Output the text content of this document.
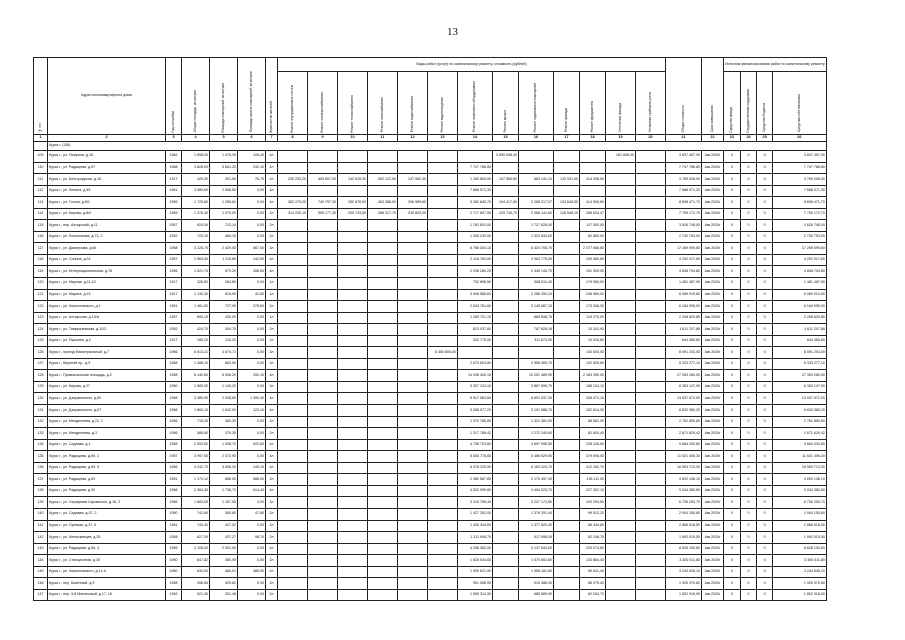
13
№ п/п	Адрес многоквартирного дома	Год постройки	Общая площадь, кв.метров	Площадь помещений, кв.метров	Площадь жилых помещений, кв.метров	Количество жителей	Виды работ (услуг) по капитальному ремонту, стоимость (рублей)													Общая стоимость	Срок завершения	Источник финансирования работ по капитальному ремонту			
							Ремонт внутридомовых систем	Ремонт электроснабжения	Ремонт теплоснабжения	Ремонт газоснабжения	Ремонт водоснабжения	Ремонт водоотведения	Ремонт лифтового оборудования	Ремонт крыши	Ремонт подвальных помещений	Ремонт фасада	Ремонт фундамента	Утепление фасада	Установка приборов учета			Средства фонда	Государственная поддержка	Средства бюджета	Средства собственников
1	2	3	4	5	6	7	8	9	10	11	12	13	14	15	16	17	18	19	20	21	22	23	24	25	26
	Курск г. (136)																								
109	Курск г., ул. Гагарина, д.18	1962	1 898,00	1 475,35	128,40	4л								3 890 948,40				161 808,00		3 837 457,90	4кв.2020г	0	0	0	3 837 457,90
110	Курск г., ул. Радищева, д.57	1968	3 828,00	3 641,20	232,10	4л							7 747 786,80							7 747 786,80	4кв.2020г	0	0	0	7 747 786,80
111	Курск г., ул. Белгородская, д.18	1917	429,30	301,50	76,70	2л	230 253,20	409 607,00	142 515,30	962 122,50	137 962,30		1 160 805,00	107 560,60	883 141,10	132 931,50	414 308,50			3 769 008,00	4кв.2020г	0	0	0	3 769 008,00
112	Курск г., ул. Ленина, д.45	1961	3 589,60	2 508,50	0,00	4л							7 688 571,30							7 688 571,30	4кв.2020г	0	0	0	7 688 571,30
113	Курск г., ул. Гоголя, д.6/1	1959	1 725,60	1 259,81	0,00	4л	382 279,20	740 797,30	250 678,50	453 388,00	296 989,60		3 382 845,70	104 417,60	2 268 217,07	134 648,50	414 509,60			8 698 471,70	4кв.2020г	0	0	0	8 698 471,70
114	Курск г., ул. Кирова, д.8/4	1959	1 378,30	1 079,00	0,00	2л	314 230,10	595 177,30	209 743,50	388 317,70	239 803,00		2 717 807,50	129 745,70	2 068 141,60	128 548,10	288 634,47			7 759 172,70	4кв.2020г	0	0	0	7 759 172,70
115	Курск г., пер. Ахтырский, д.11	1957	924,50	712,14	0,00	2л							1 781 820,00		1 727 628,00		117 300,00			3 626 748,00	4кв.2020г	0	0	0	3 626 748,00
116	Курск г., ул. Ломоносова, д.73, 2	1952	723,10	484,15	0,00	2л							1 345 249,00		1 322 644,00		62 860,00			2 730 753,00	4кв.2020г	0	0	0	2 730 753,00
117	Курск г., ул. Димитрова, д.66	1958	3 226,70	2 429,00	667,00	3л							6 768 304,10		8 424 708,70		2 077 086,60			17 269 099,60	4кв.2020г	0	0	0	17 269 099,60
118	Курск г., ул. Сонина, д.24	1957	1 563,40	1 115,80	142,00	4л							2 118 762,00		2 063 775,00		109 480,60			4 292 017,60	4кв.2020г	0	0	0	4 292 017,60
119	Курск г., ул. Интернациональная, д.76	1956	1 021,70	573,20	286,60	4л							2 208 260,20		2 449 143,70		191 300,90			4 848 704,80	4кв.2020г	0	0	0	4 848 704,80
120	Курск г., ул. Мирная, д.11,15	1917	326,50	264,80	0,00	1л							752 896,50		568 511,40		179 060,00			1 481 487,90	4кв.2020г	0	0	0	1 481 487,90
121	Курск г., ул. Марата, д.15	1917	1 130,30	815,90	42,80	1л							3 008 585,60		2 286 250,20		246 980,00			6 069 019,80	4кв.2020г	0	0	0	6 069 019,80
122	Курск г., ул. Черняховского, д.1	1951	1 461,50	727,90	378,60	2л							2 843 761,60		3 145 887,10		175 346,30			6 184 995,00	4кв.2020г	0	0	0	6 184 995,00
123	Курск г., ул. Ахтырская, д.15/А	1957	693,15	430,00	0,00	1л							1 289 721,10		889 838,75		119 270,00			2 298 829,85	4кв.2020г	0	0	0	2 298 829,85
124	Курск г., ул. Тимирязевская, д.11/3	1952	424,70	304,70	0,00	2л							813 037,80		787 828,18		10 341,90			1 611 207,88	4кв.2020г	0	0	0	1 611 207,88
125	Курск г., ул. Пушкина, д.2	1917	185,20	115,20	0,00	1л							322 775,00		311 674,00		10 016,60			644 465,60	4кв.2020г	0	0	0	644 465,60
126	Курск г., проезд Магистральный, д.7	1966	6 613,21	3 674,71	0,00	3л						8 450 600,00					140 603,00			8 591 203,00	4кв.2020г	0	0	0	8 591 203,00
127	Курск г., Верхний пр., д.9	1958	1 388,10	863,50	0,00	3л							2 673 603,80		2 556 069,70		102 505,60			5 333 277,10	4кв.2020г	0	0	0	5 333 277,10
128	Курск г., Привокзальная площадь, д.2	1958	6 140,60	6 536,20	250,10	4л							14 938 400,10		10 251 489,90		2 163 390,00			27 353 280,00	4кв.2020г	0	0	0	27 353 280,00
129	Курск г., ул. Кирова, д.27	1950	1 583,90	1 140,20	0,00	3л							3 307 124,10		2 867 899,70		188 124,10			6 363 147,90	4кв.2020г	0	0	0	6 363 147,90
130	Курск г., ул. Дзержинского, д.60	1958	3 380,90	2 038,60	1 390,40	4л							6 517 563,60		6 691 537,30		328 471,10			13 537 572,00	4кв.2020г	0	0	0	13 537 572,00
131	Курск г., ул. Дзержинского, д.67	1958	1 860,10	1 642,00	123,10	4л							3 288 577,20		3 191 588,70		152 814,30			6 632 980,20	4кв.2020г	0	0	0	6 632 980,20
132	Курск г., ул. Менделеева, д.22, 2	1956	718,30	383,30	0,00	2л							1 370 786,80		1 322 381,90		68 681,90			2 761 850,60	4кв.2020г	0	0	0	2 761 850,60
133	Курск г., ул. Менделеева, д.3	1956	586,80	379,30	0,00	2л							1 317 788,42		1 272 240,60		81 600,40			2 671 629,42	4кв.2020г	0	0	0	2 671 629,42
134	Курск г., ул. Садовая, д.1	1958	2 053,50	1 438,70	522,60	4л							4 738 703,80		4 697 598,50		228 128,50			9 664 430,80	4кв.2020г	0	0	0	9 664 430,80
135	Курск г., ул. Радищева, д.69, 2	1957	3 997,00	2 072,90	0,00	4л							5 653 778,80		5 488 529,50		379 098,00			11 521 406,30	4кв.2020г	0	0	0	11 521 406,30
136	Курск г., ул. Радищева, д.69, 5	1956	4 242,70	3 056,20	149,10	4л							8 378 225,90		8 163 324,70		412 162,70			16 953 713,30	4кв.2020г	0	0	0	16 953 713,30
137	Курск г., ул. Радищева, д.63	1951	1 174,12	866,00	586,00	2л							2 380 567,80		2 175 457,30		136 111,00			4 692 136,10	4кв.2020г	0	0	0	4 692 136,10
138	Курск г., ул. Радищева, д.39	1958	2 364,30	1 738,70	614,40	4л							4 522 999,80		4 494 023,70		227 357,10			9 244 380,60	4кв.2020г	0	0	0	9 244 380,60
139	Курск г., ул. Серафима Саровского, д.16, 2	1956	1 683,05	1 187,55	0,00	3л							3 315 785,40		3 227 173,80		193 294,50			6 736 253,70	4кв.2020г	0	0	0	6 736 253,70
140	Курск г., ул. Садовая, д.37, 2	1950	742,60	389,60	47,60	2л							1 427 352,00		1 376 291,40		99 512,20			2 904 155,60	4кв.2020г	0	0	0	2 904 155,60
141	Курск г., ул. Сумская, д.37, 6	1961	743,40	427,02	0,00	2л							1 430 344,60		1 377 829,30		58 444,60			2 866 618,50	4кв.2020г	0	0	0	2 866 618,50
142	Курск г., ул. Челюскинцев, д.25	1958	627,30	437,27	98,70	2л							1 311 908,70		617 958,05		62 148,75			1 992 015,50	4кв.2020г	0	0	0	1 992 015,50
143	Курск г., ул. Радищева, д.66, 4	1956	2 108,00	2 091,05	0,00	4л							4 258 382,00		4 137 644,00		230 074,60			8 626 100,60	4кв.2020г	0	0	0	8 626 100,60
144	Курск г., ул. Станционная, д.30	1950	847,82	380,09	0,00	2л							1 625 544,60		1 570 602,80		103 864,40			3 300 011,80	4кв.2020г	0	0	0	3 300 011,80
145	Курск г., ул. Черняховского, д.14 А	1960	830,00	484,01	386,90	2л							1 590 621,90		1 558 181,80		95 841,40			3 244 645,10	4кв.2020г	0	0	0	3 244 645,10
146	Курск г., пер. Казенный, д.9	1958	496,85	329,60	0,00	2л							951 008,90		915 386,30		58 975,40			1 925 370,60	4кв.2020г	0	0	0	1 925 370,60
147	Курск г., пер. 3-й Малиновый, д.17, 16	1962	521,30	331,48	0,00	2л							1 055 314,30		685 569,90		62 034,70			1 802 918,90	4кв.2020г	0	0	0	1 802 918,90
